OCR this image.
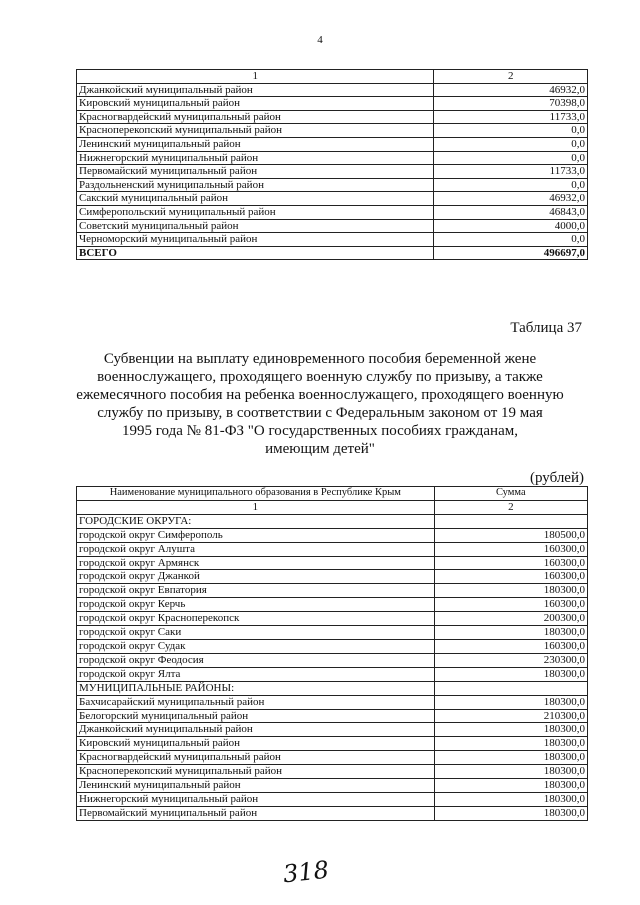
4
1	2
Джанкойский муниципальный район	46932,0
Кировский муниципальный район	70398,0
Красногвардейский муниципальный район	11733,0
Красноперекопский муниципальный район	0,0
Ленинский муниципальный район	0,0
Нижнегорский муниципальный район	0,0
Первомайский муниципальный район	11733,0
Раздольненский муниципальный район	0,0
Сакский муниципальный район	46932,0
Симферопольский муниципальный район	46843,0
Советский муниципальный район	4000,0
Черноморский муниципальный район	0,0
ВСЕГО	496697,0
Таблица 37
Субвенции на выплату единовременного пособия беременной жене
военнослужащего, проходящего военную службу по призыву, а также
ежемесячного пособия на ребенка военнослужащего, проходящего военную
службу по призыву, в соответствии с Федеральным законом от 19 мая
1995 года № 81-ФЗ "О государственных пособиях гражданам,
имеющим детей"
(рублей)
Наименование муниципального образования в Республике Крым	Сумма
1	2
ГОРОДСКИЕ ОКРУГА:	
городской округ Симферополь	180500,0
городской округ Алушта	160300,0
городской округ Армянск	160300,0
городской округ Джанкой	160300,0
городской округ Евпатория	180300,0
городской округ Керчь	160300,0
городской округ Красноперекопск	200300,0
городской округ Саки	180300,0
городской округ Судак	160300,0
городской округ Феодосия	230300,0
городской округ Ялта	180300,0
МУНИЦИПАЛЬНЫЕ РАЙОНЫ:	
Бахчисарайский муниципальный район	180300,0
Белогорский муниципальный район	210300,0
Джанкойский муниципальный район	180300,0
Кировский муниципальный район	180300,0
Красногвардейский муниципальный район	180300,0
Красноперекопский муниципальный район	180300,0
Ленинский муниципальный район	180300,0
Нижнегорский муниципальный район	180300,0
Первомайский муниципальный район	180300,0
318
